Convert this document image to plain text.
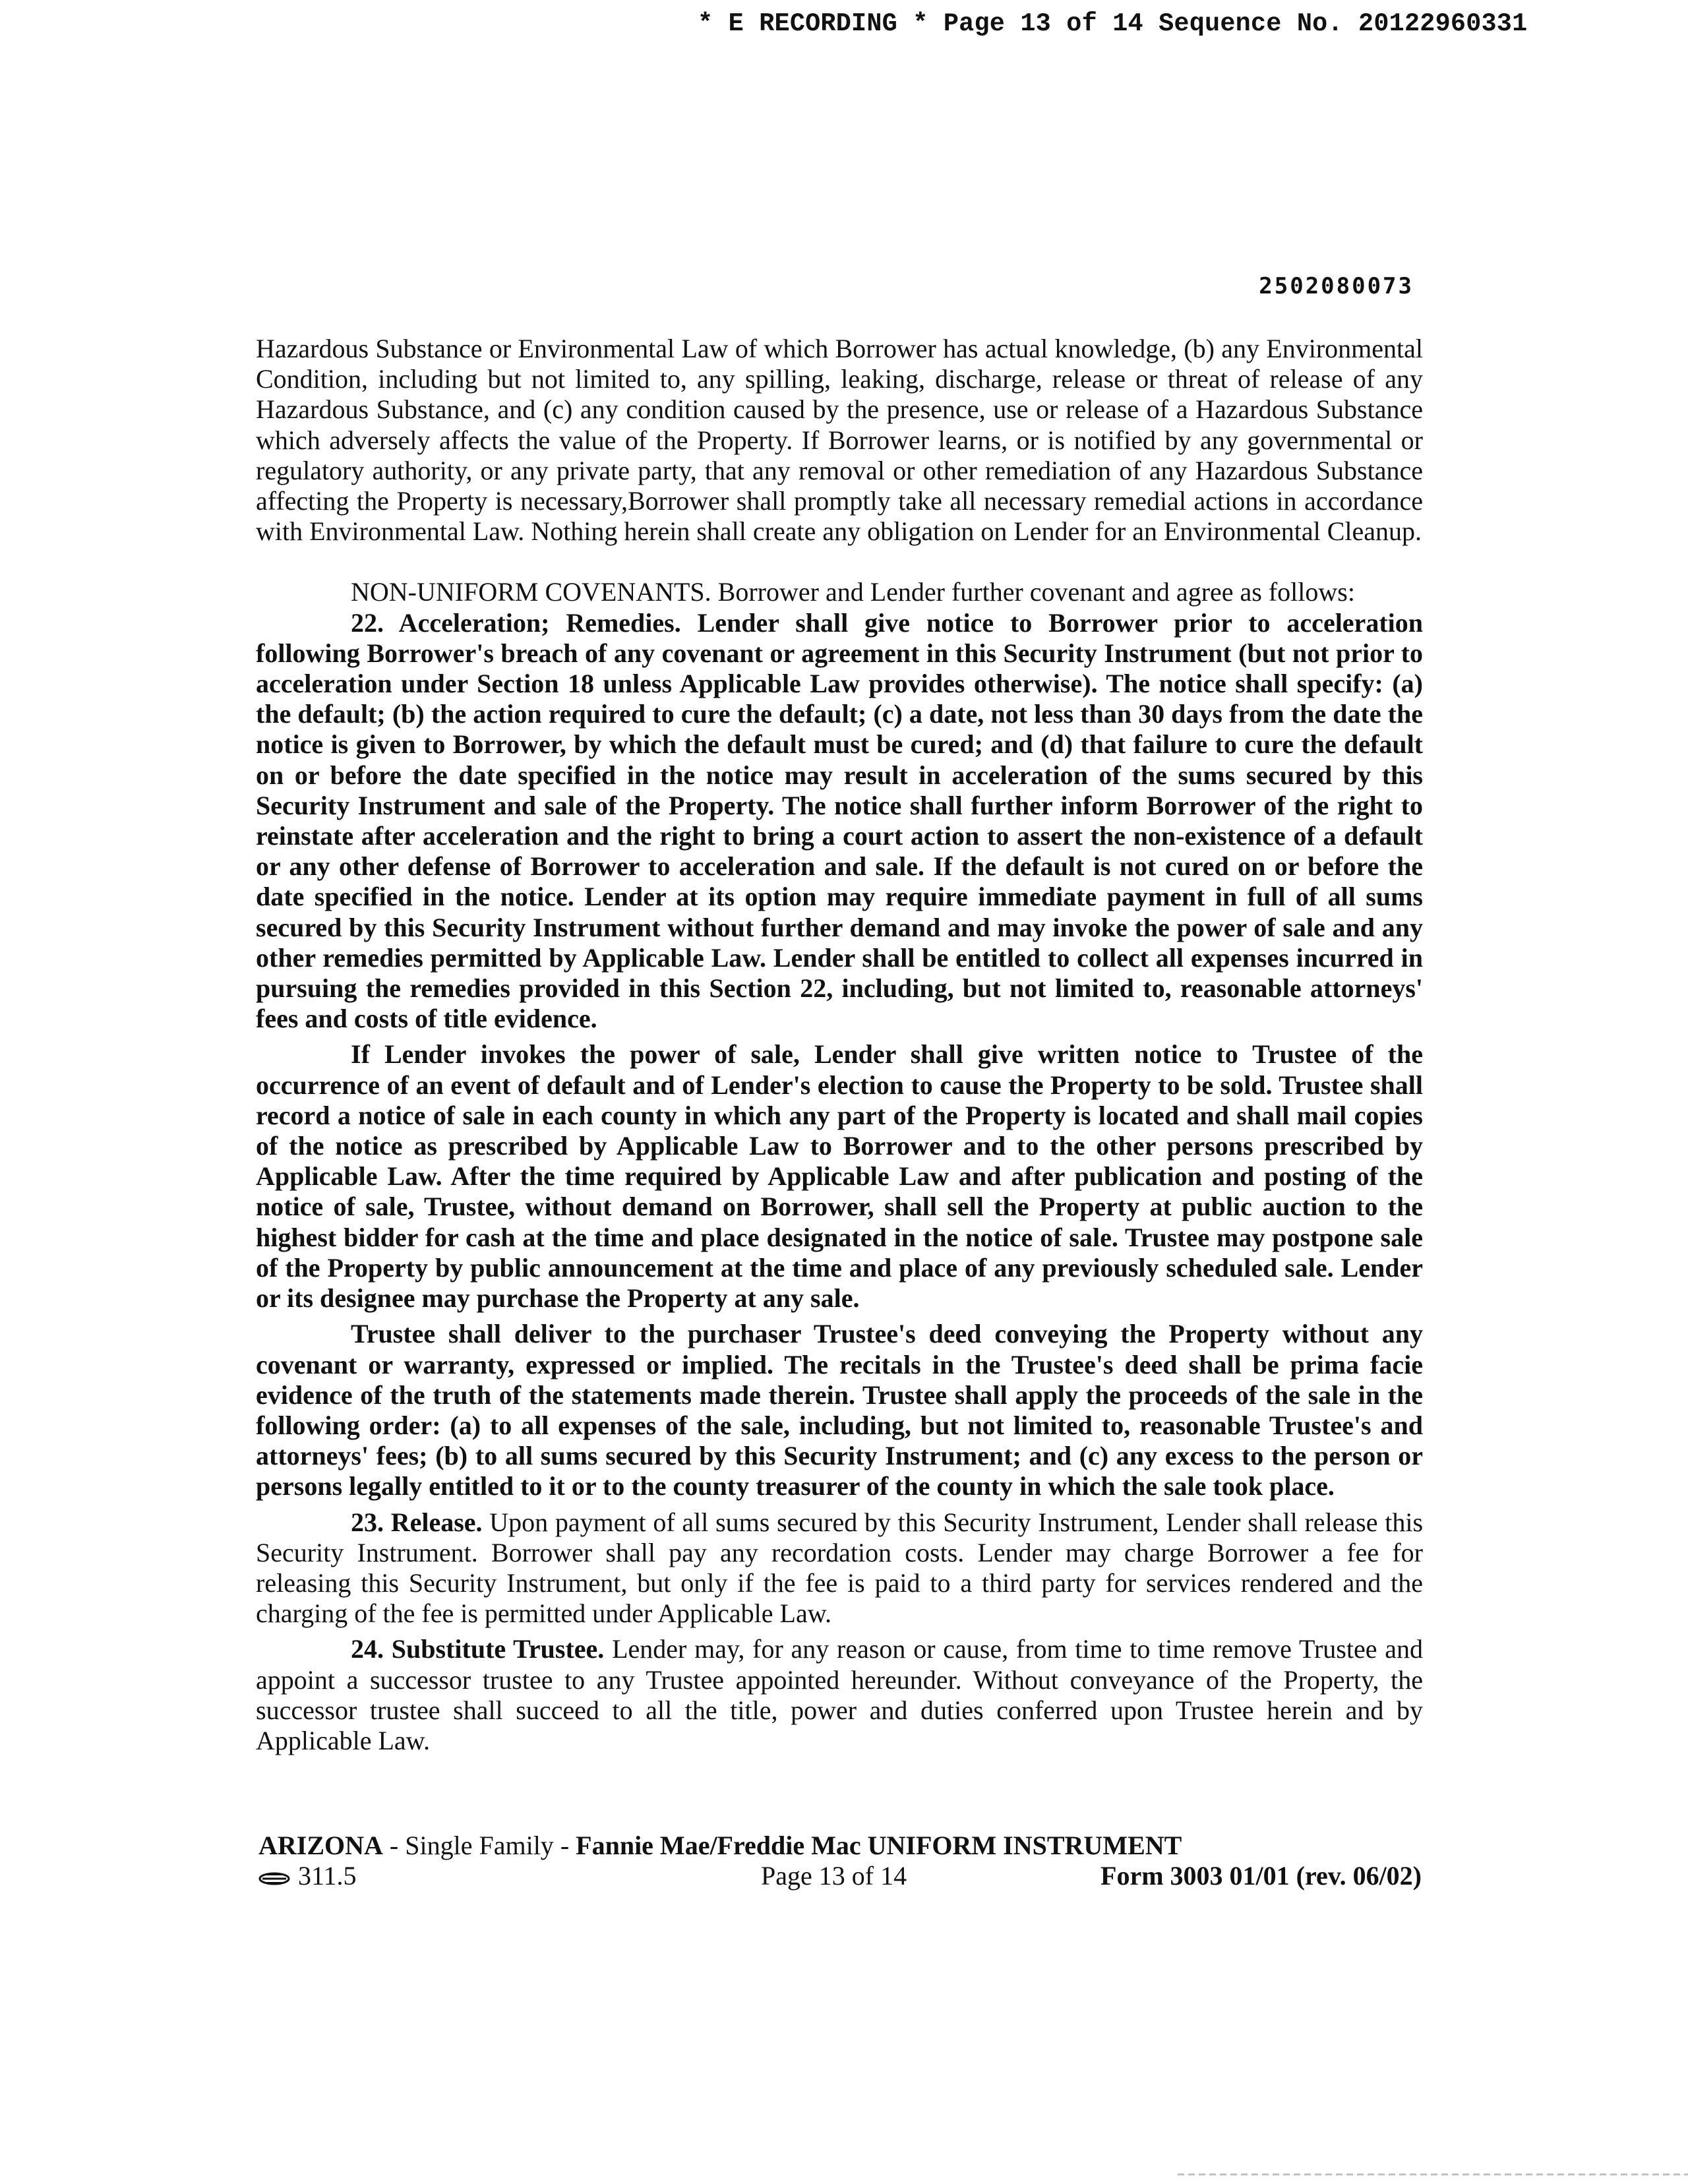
* E RECORDING * Page 13 of 14 Sequence No. 20122960331
2502080073

Hazardous Substance or Environmental Law of which Borrower has actual knowledge, (b) any Environmental Condition, including but not limited to, any spilling, leaking, discharge, release or threat of release of any Hazardous Substance, and (c) any condition caused by the presence, use or release of a Hazardous Substance which adversely affects the value of the Property. If Borrower learns, or is notified by any governmental or regulatory authority, or any private party, that any removal or other remediation of any Hazardous Substance affecting the Property is necessary,Borrower shall promptly take all necessary remedial actions in accordance with Environmental Law. Nothing herein shall create any obligation on Lender for an Environmental Cleanup.

NON-UNIFORM COVENANTS. Borrower and Lender further covenant and agree as follows:

22. Acceleration; Remedies. Lender shall give notice to Borrower prior to acceleration following Borrower's breach of any covenant or agreement in this Security Instrument (but not prior to acceleration under Section 18 unless Applicable Law provides otherwise). The notice shall specify: (a) the default; (b) the action required to cure the default; (c) a date, not less than 30 days from the date the notice is given to Borrower, by which the default must be cured; and (d) that failure to cure the default on or before the date specified in the notice may result in acceleration of the sums secured by this Security Instrument and sale of the Property. The notice shall further inform Borrower of the right to reinstate after acceleration and the right to bring a court action to assert the non-existence of a default or any other defense of Borrower to acceleration and sale. If the default is not cured on or before the date specified in the notice. Lender at its option may require immediate payment in full of all sums secured by this Security Instrument without further demand and may invoke the power of sale and any other remedies permitted by Applicable Law. Lender shall be entitled to collect all expenses incurred in pursuing the remedies provided in this Section 22, including, but not limited to, reasonable attorneys' fees and costs of title evidence.

If Lender invokes the power of sale, Lender shall give written notice to Trustee of the occurrence of an event of default and of Lender's election to cause the Property to be sold. Trustee shall record a notice of sale in each county in which any part of the Property is located and shall mail copies of the notice as prescribed by Applicable Law to Borrower and to the other persons prescribed by Applicable Law. After the time required by Applicable Law and after publication and posting of the notice of sale, Trustee, without demand on Borrower, shall sell the Property at public auction to the highest bidder for cash at the time and place designated in the notice of sale. Trustee may postpone sale of the Property by public announcement at the time and place of any previously scheduled sale. Lender or its designee may purchase the Property at any sale.

Trustee shall deliver to the purchaser Trustee's deed conveying the Property without any covenant or warranty, expressed or implied. The recitals in the Trustee's deed shall be prima facie evidence of the truth of the statements made therein. Trustee shall apply the proceeds of the sale in the following order: (a) to all expenses of the sale, including, but not limited to, reasonable Trustee's and attorneys' fees; (b) to all sums secured by this Security Instrument; and (c) any excess to the person or persons legally entitled to it or to the county treasurer of the county in which the sale took place.

23. Release. Upon payment of all sums secured by this Security Instrument, Lender shall release this Security Instrument. Borrower shall pay any recordation costs. Lender may charge Borrower a fee for releasing this Security Instrument, but only if the fee is paid to a third party for services rendered and the charging of the fee is permitted under Applicable Law.

24. Substitute Trustee. Lender may, for any reason or cause, from time to time remove Trustee and appoint a successor trustee to any Trustee appointed hereunder. Without conveyance of the Property, the successor trustee shall succeed to all the title, power and duties conferred upon Trustee herein and by Applicable Law.

ARIZONA - Single Family - Fannie Mae/Freddie Mac UNIFORM INSTRUMENT
311.5	Page 13 of 14	Form 3003 01/01 (rev. 06/02)
